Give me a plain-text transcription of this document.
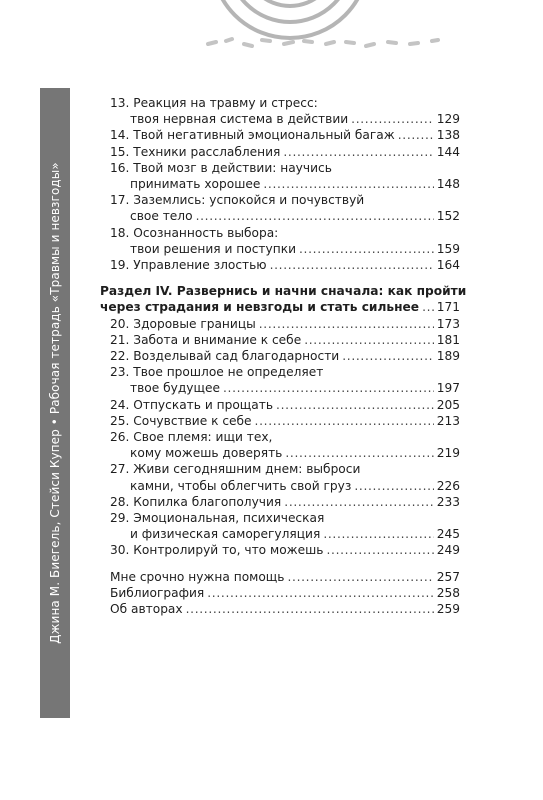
Джина М. Биегель, Стейси Купер • Рабочая тетрадь «Травмы и невзгоды»
13. Реакция на травму и стресс:
твоя нервная система в действии . . .	129
14. Твой негативный эмоциональный багаж . . .	138
15. Техники расслабления . . .	144
16. Твой мозг в действии: научись
принимать хорошее . . .	148
17. Заземлись: успокойся и почувствуй
свое тело . . .	152
18. Осознанность выбора:
твои решения и поступки . . .	159
19. Управление злостью . . .	164
Раздел IV. Развернись и начни сначала: как пройти
через страдания и невзгоды и стать сильнее . . . 171
20. Здоровые границы . . .	173
21. Забота и внимание к себе . . .	181
22. Возделывай сад благодарности . . .	189
23. Твое прошлое не определяет
твое будущее . . .	197
24. Отпускать и прощать . . .	205
25. Сочувствие к себе . . .	213
26. Свое племя: ищи тех,
кому можешь доверять . . .	219
27. Живи сегодняшним днем: выброси
камни, чтобы облегчить свой груз . . .	226
28. Копилка благополучия . . .	233
29. Эмоциональная, психическая
и физическая саморегуляция . . .	245
30. Контролируй то, что можешь . . .	249
Мне срочно нужна помощь . . .	257
Библиография . . .	258
Об авторах . . .	259
